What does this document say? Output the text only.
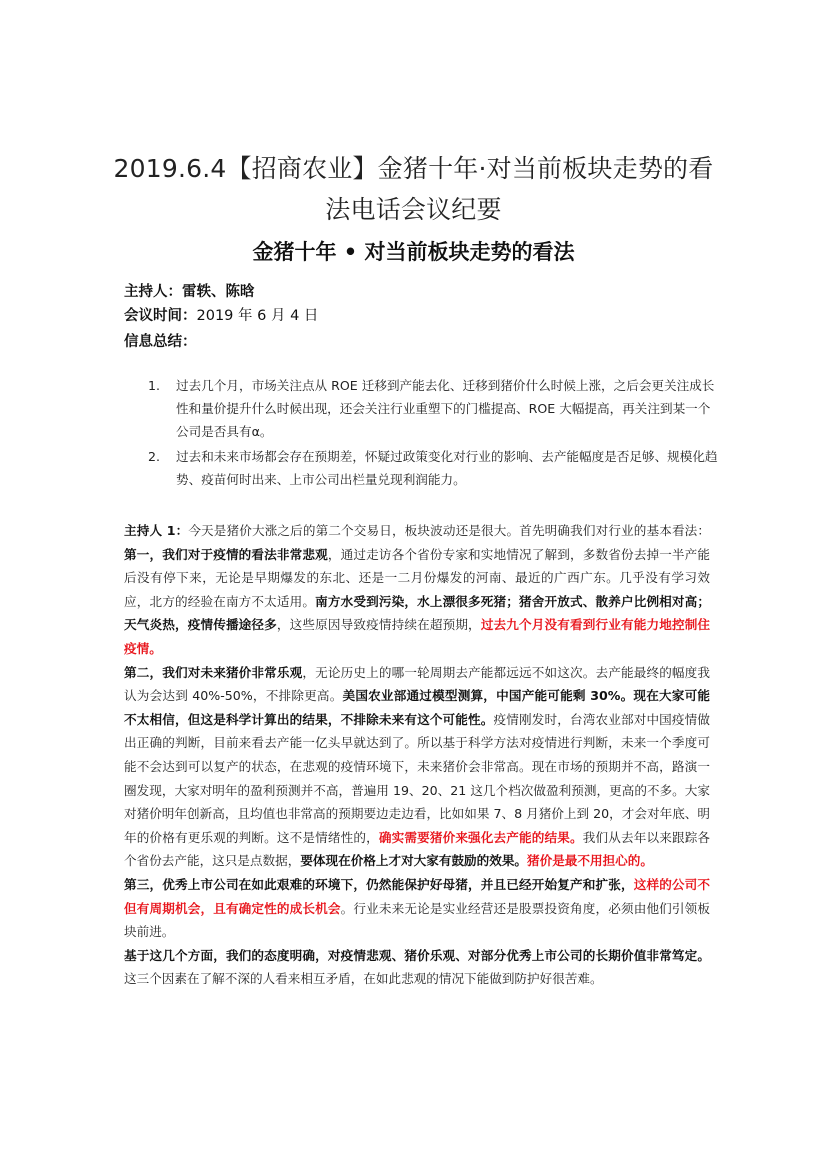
2019.6.4【招商农业】金猪十年·对当前板块走势的看法电话会议纪要
金猪十年 • 对当前板块走势的看法
主持人：雷轶、陈晗
会议时间：2019 年 6 月 4 日
信息总结：
1. 过去几个月，市场关注点从 ROE 迁移到产能去化、迁移到猪价什么时候上涨，之后会更关注成长性和量价提升什么时候出现，还会关注行业重塑下的门槛提高、ROE 大幅提高，再关注到某一个公司是否具有α。
2. 过去和未来市场都会存在预期差，怀疑过政策变化对行业的影响、去产能幅度是否足够、规模化趋势、疫苗何时出来、上市公司出栏量兑现利润能力。

主持人 1：今天是猪价大涨之后的第二个交易日，板块波动还是很大。首先明确我们对行业的基本看法：第一，我们对于疫情的看法非常悲观，通过走访各个省份专家和实地情况了解到，多数省份去掉一半产能后没有停下来，无论是早期爆发的东北、还是一二月份爆发的河南、最近的广西广东。几乎没有学习效应，北方的经验在南方不太适用。南方水受到污染，水上漂很多死猪；猪舍开放式、散养户比例相对高；天气炎热，疫情传播途径多，这些原因导致疫情持续在超预期，过去九个月没有看到行业有能力地控制住疫情。

第二，我们对未来猪价非常乐观，无论历史上的哪一轮周期去产能都远远不如这次。去产能最终的幅度我认为会达到 40%-50%，不排除更高。美国农业部通过模型测算，中国产能可能剩 30%。现在大家可能不太相信，但这是科学计算出的结果，不排除未来有这个可能性。疫情刚发时，台湾农业部对中国疫情做出正确的判断，目前来看去产能一亿头早就达到了。所以基于科学方法对疫情进行判断，未来一个季度可能不会达到可以复产的状态，在悲观的疫情环境下，未来猪价会非常高。现在市场的预期并不高，路演一圈发现，大家对明年的盈利预测并不高，普遍用 19、20、21 这几个档次做盈利预测，更高的不多。大家对猪价明年创新高，且均值也非常高的预期要边走边看，比如如果 7、8 月猪价上到 20，才会对年底、明年的价格有更乐观的判断。这不是情绪性的，确实需要猪价来强化去产能的结果。我们从去年以来跟踪各个省份去产能，这只是点数据，要体现在价格上才对大家有鼓励的效果。猪价是最不用担心的。

第三，优秀上市公司在如此艰难的环境下，仍然能保护好母猪，并且已经开始复产和扩张，这样的公司不但有周期机会，且有确定性的成长机会。行业未来无论是实业经营还是股票投资角度，必须由他们引领板块前进。

基于这几个方面，我们的态度明确，对疫情悲观、猪价乐观、对部分优秀上市公司的长期价值非常笃定。这三个因素在了解不深的人看来相互矛盾，在如此悲观的情况下能做到防护好很苦难。
